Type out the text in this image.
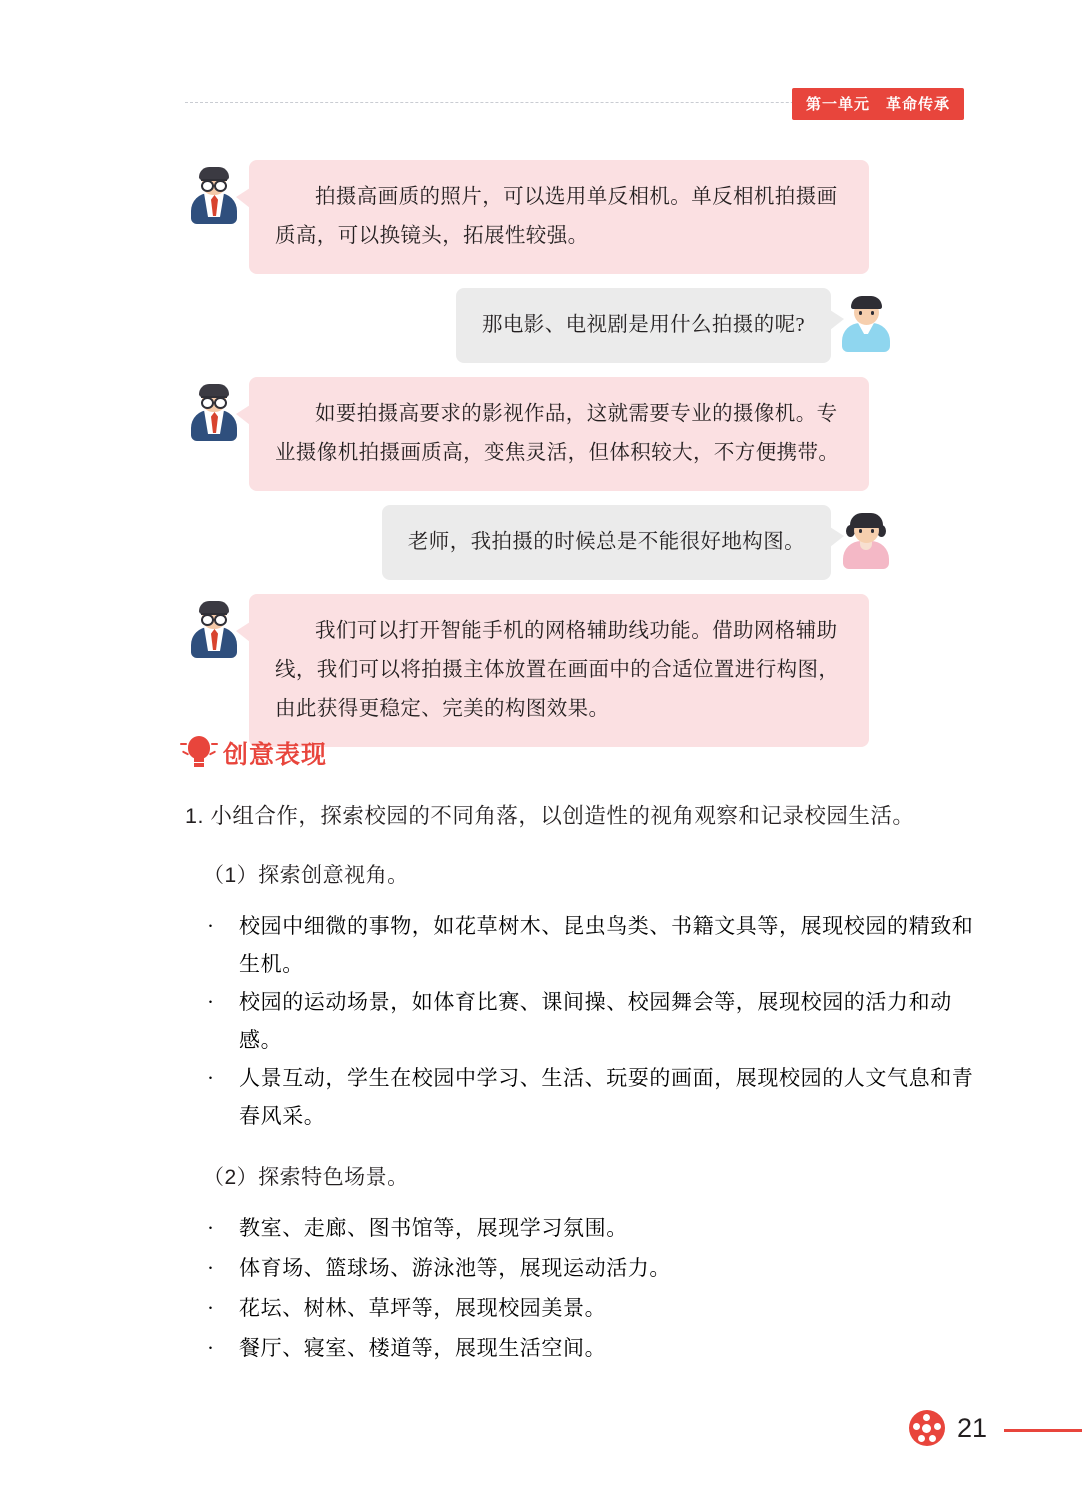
第一单元　革命传承
拍摄高画质的照片，可以选用单反相机。单反相机拍摄画质高，可以换镜头，拓展性较强。
那电影、电视剧是用什么拍摄的呢?
如要拍摄高要求的影视作品，这就需要专业的摄像机。专业摄像机拍摄画质高，变焦灵活，但体积较大，不方便携带。
老师，我拍摄的时候总是不能很好地构图。
我们可以打开智能手机的网格辅助线功能。借助网格辅助线，我们可以将拍摄主体放置在画面中的合适位置进行构图，由此获得更稳定、完美的构图效果。
创意表现

1. 小组合作，探索校园的不同角落，以创造性的视角观察和记录校园生活。

（1）探索创意视角。

·	校园中细微的事物，如花草树木、昆虫鸟类、书籍文具等，展现校园的精致和生机。
·	校园的运动场景，如体育比赛、课间操、校园舞会等，展现校园的活力和动感。
·	人景互动，学生在校园中学习、生活、玩耍的画面，展现校园的人文气息和青春风采。

（2）探索特色场景。

·	教室、走廊、图书馆等，展现学习氛围。
·	体育场、篮球场、游泳池等，展现运动活力。
·	花坛、树林、草坪等，展现校园美景。
·	餐厅、寝室、楼道等，展现生活空间。
21
